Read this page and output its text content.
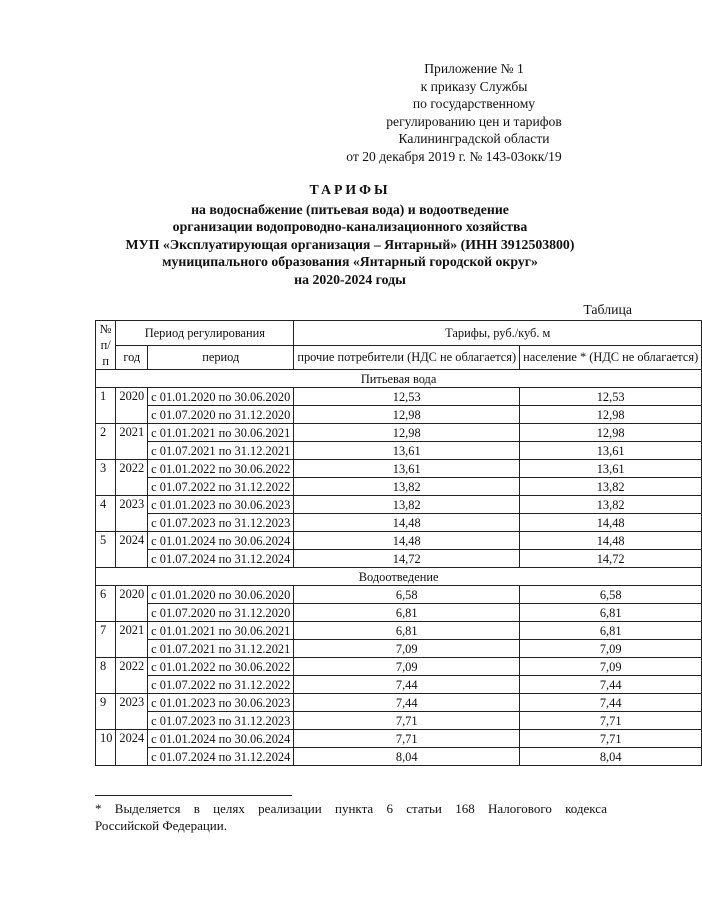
Приложение № 1
к приказу Службы
по государственному
регулированию цен и тарифов
Калининградской области
от 20 декабря 2019 г. № 143-03окк/19
ТАРИФЫ
на водоснабжение (питьевая вода) и водоотведение
организации водопроводно-канализационного хозяйства
МУП «Эксплуатирующая организация – Янтарный» (ИНН 3912503800)
муниципального образования «Янтарный городской округ»
на 2020-2024 годы
Таблица
№ п/п	Период регулирования		Тарифы, руб./куб. м	
	год	период	прочие потребители (НДС не облагается)	население * (НДС не облагается)
Питьевая вода				
1	2020	с 01.01.2020 по 30.06.2020	12,53	12,53
		с 01.07.2020 по 31.12.2020	12,98	12,98
2	2021	с 01.01.2021 по 30.06.2021	12,98	12,98
		с 01.07.2021 по 31.12.2021	13,61	13,61
3	2022	с 01.01.2022 по 30.06.2022	13,61	13,61
		с 01.07.2022 по 31.12.2022	13,82	13,82
4	2023	с 01.01.2023 по 30.06.2023	13,82	13,82
		с 01.07.2023 по 31.12.2023	14,48	14,48
5	2024	с 01.01.2024 по 30.06.2024	14,48	14,48
		с 01.07.2024 по 31.12.2024	14,72	14,72
Водоотведение				
6	2020	с 01.01.2020 по 30.06.2020	6,58	6,58
		с 01.07.2020 по 31.12.2020	6,81	6,81
7	2021	с 01.01.2021 по 30.06.2021	6,81	6,81
		с 01.07.2021 по 31.12.2021	7,09	7,09
8	2022	с 01.01.2022 по 30.06.2022	7,09	7,09
		с 01.07.2022 по 31.12.2022	7,44	7,44
9	2023	с 01.01.2023 по 30.06.2023	7,44	7,44
		с 01.07.2023 по 31.12.2023	7,71	7,71
10	2024	с 01.01.2024 по 30.06.2024	7,71	7,71
		с 01.07.2024 по 31.12.2024	8,04	8,04
* Выделяется в целях реализации пункта 6 статьи 168 Налогового кодекса
Российской Федерации.
